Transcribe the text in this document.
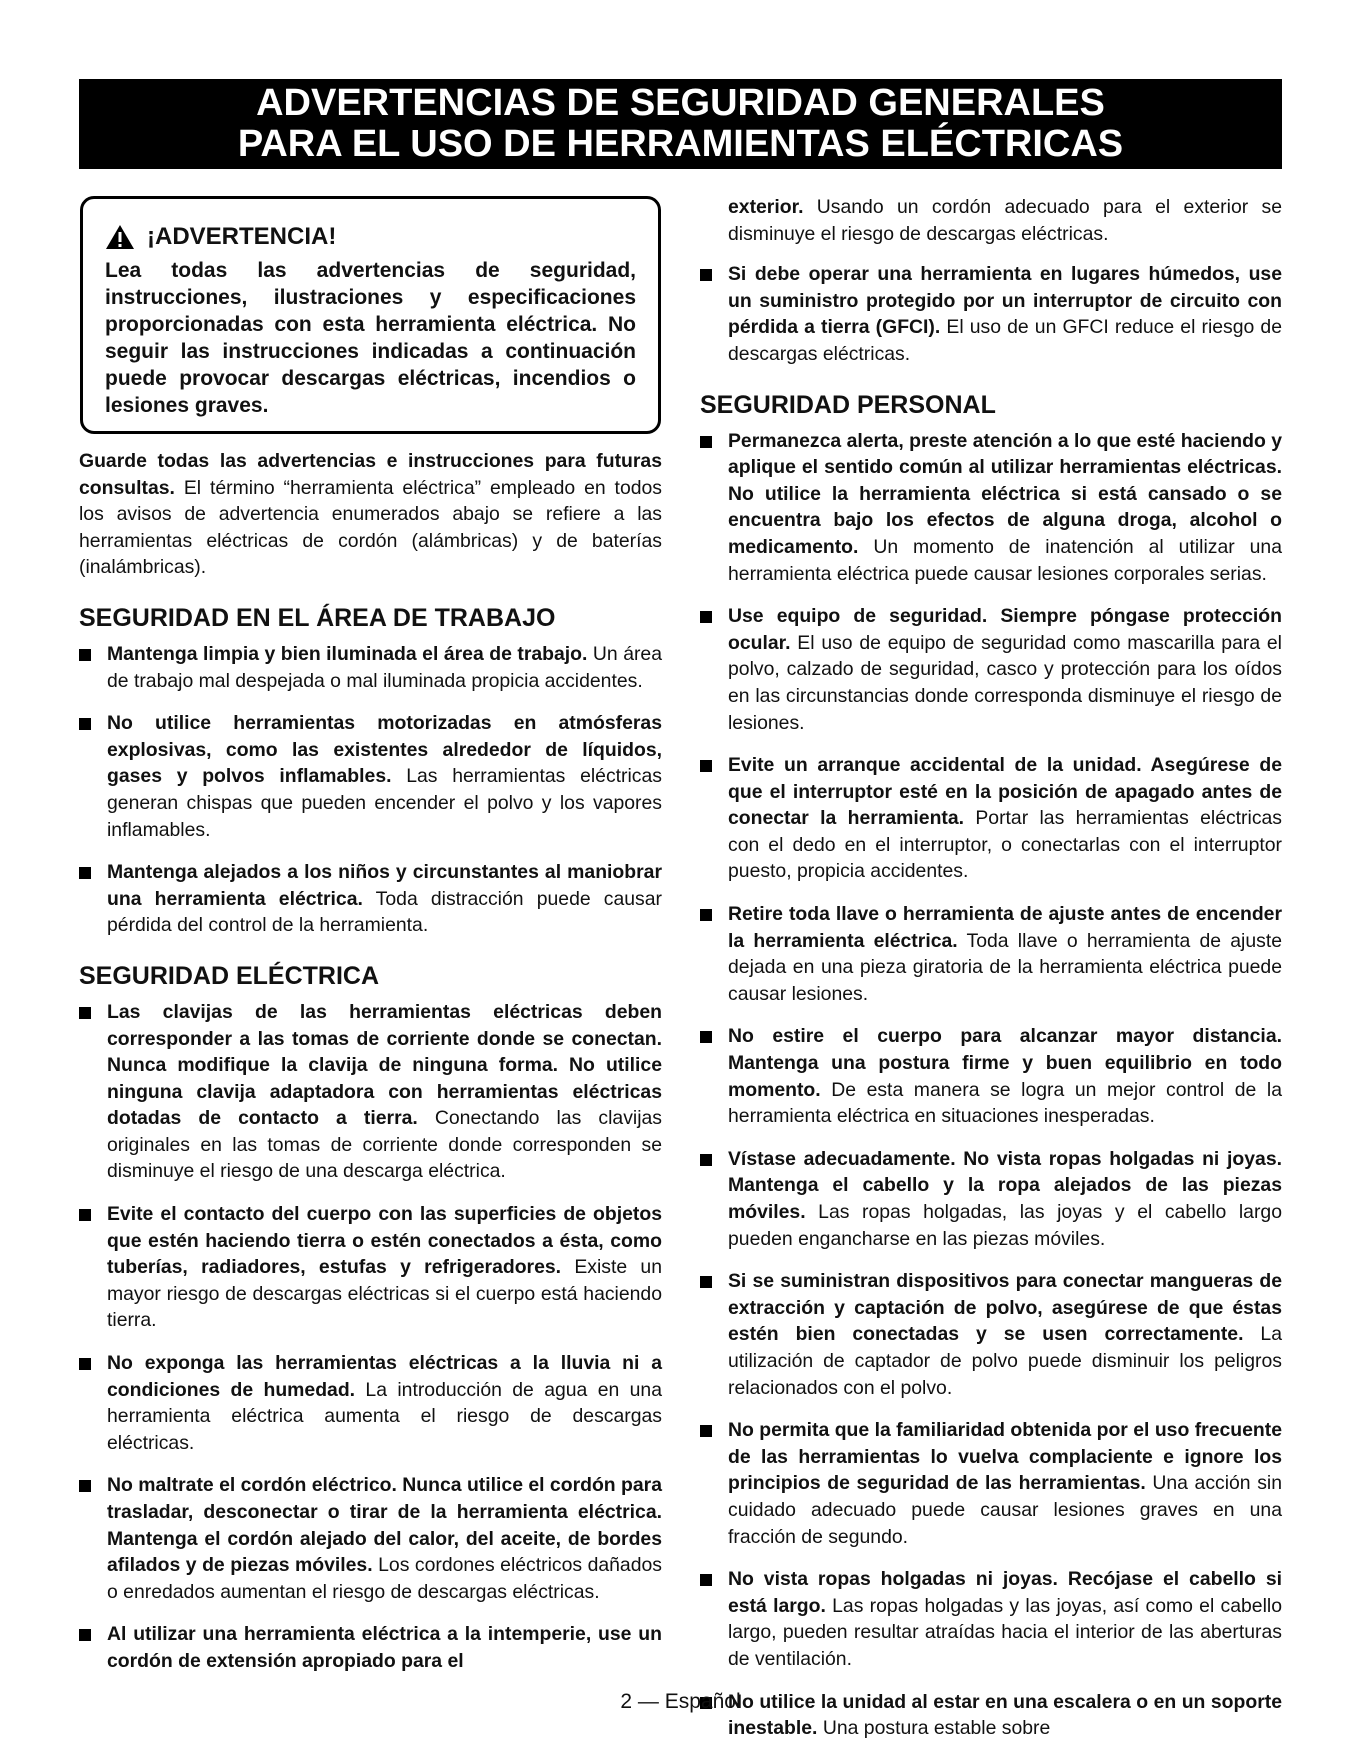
ADVERTENCIAS DE SEGURIDAD GENERALES
PARA EL USO DE HERRAMIENTAS ELÉCTRICAS
¡ADVERTENCIA!
Lea todas las advertencias de seguridad, instrucciones, ilustraciones y especificaciones proporcionadas con esta herramienta eléctrica. No seguir las instrucciones indicadas a continuación puede provocar descargas eléctricas, incendios o lesiones graves.

Guarde todas las advertencias e instrucciones para futuras consultas. El término “herramienta eléctrica” empleado en todos los avisos de advertencia enumerados abajo se refiere a las herramientas eléctricas de cordón (alámbricas) y de baterías (inalámbricas).

SEGURIDAD EN EL ÁREA DE TRABAJO
Mantenga limpia y bien iluminada el área de trabajo. Un área de trabajo mal despejada o mal iluminada propicia accidentes.
No utilice herramientas motorizadas en atmósferas explosivas, como las existentes alrededor de líquidos, gases y polvos inflamables. Las herramientas eléctricas generan chispas que pueden encender el polvo y los vapores inflamables.
Mantenga alejados a los niños y circunstantes al maniobrar una herramienta eléctrica. Toda distracción puede causar pérdida del control de la herramienta.
SEGURIDAD ELÉCTRICA
Las clavijas de las herramientas eléctricas deben corresponder a las tomas de corriente donde se conectan. Nunca modifique la clavija de ninguna forma. No utilice ninguna clavija adaptadora con herramientas eléctricas dotadas de contacto a tierra. Conectando las clavijas originales en las tomas de corriente donde corresponden se disminuye el riesgo de una descarga eléctrica.
Evite el contacto del cuerpo con las superficies de objetos que estén haciendo tierra o estén conectados a ésta, como tuberías, radiadores, estufas y refrigeradores. Existe un mayor riesgo de descargas eléctricas si el cuerpo está haciendo tierra.
No exponga las herramientas eléctricas a la lluvia ni a condiciones de humedad. La introducción de agua en una herramienta eléctrica aumenta el riesgo de descargas eléctricas.
No maltrate el cordón eléctrico. Nunca utilice el cordón para trasladar, desconectar o tirar de la herramienta eléctrica. Mantenga el cordón alejado del calor, del aceite, de bordes afilados y de piezas móviles. Los cordones eléctricos dañados o enredados aumentan el riesgo de descargas eléctricas.
Al utilizar una herramienta eléctrica a la intemperie, use un cordón de extensión apropiado para el
exterior. Usando un cordón adecuado para el exterior se disminuye el riesgo de descargas eléctricas.
Si debe operar una herramienta en lugares húmedos, use un suministro protegido por un interruptor de circuito con pérdida a tierra (GFCI). El uso de un GFCI reduce el riesgo de descargas eléctricas.
SEGURIDAD PERSONAL
Permanezca alerta, preste atención a lo que esté haciendo y aplique el sentido común al utilizar herramientas eléctricas. No utilice la herramienta eléctrica si está cansado o se encuentra bajo los efectos de alguna droga, alcohol o medicamento. Un momento de inatención al utilizar una herramienta eléctrica puede causar lesiones corporales serias.
Use equipo de seguridad. Siempre póngase protección ocular. El uso de equipo de seguridad como mascarilla para el polvo, calzado de seguridad, casco y protección para los oídos en las circunstancias donde corresponda disminuye el riesgo de lesiones.
Evite un arranque accidental de la unidad. Asegúrese de que el interruptor esté en la posición de apagado antes de conectar la herramienta. Portar las herramientas eléctricas con el dedo en el interruptor, o conectarlas con el interruptor puesto, propicia accidentes.
Retire toda llave o herramienta de ajuste antes de encender la herramienta eléctrica. Toda llave o herramienta de ajuste dejada en una pieza giratoria de la herramienta eléctrica puede causar lesiones.
No estire el cuerpo para alcanzar mayor distancia. Mantenga una postura firme y buen equilibrio en todo momento. De esta manera se logra un mejor control de la herramienta eléctrica en situaciones inesperadas.
Vístase adecuadamente. No vista ropas holgadas ni joyas. Mantenga el cabello y la ropa alejados de las piezas móviles. Las ropas holgadas, las joyas y el cabello largo pueden engancharse en las piezas móviles.
Si se suministran dispositivos para conectar mangueras de extracción y captación de polvo, asegúrese de que éstas estén bien conectadas y se usen correctamente. La utilización de captador de polvo puede disminuir los peligros relacionados con el polvo.
No permita que la familiaridad obtenida por el uso frecuente de las herramientas lo vuelva complaciente e ignore los principios de seguridad de las herramientas. Una acción sin cuidado adecuado puede causar lesiones graves en una fracción de segundo.
No vista ropas holgadas ni joyas. Recójase el cabello si está largo. Las ropas holgadas y las joyas, así como el cabello largo, pueden resultar atraídas hacia el interior de las aberturas de ventilación.
No utilice la unidad al estar en una escalera o en un soporte inestable. Una postura estable sobre
2 — Español
